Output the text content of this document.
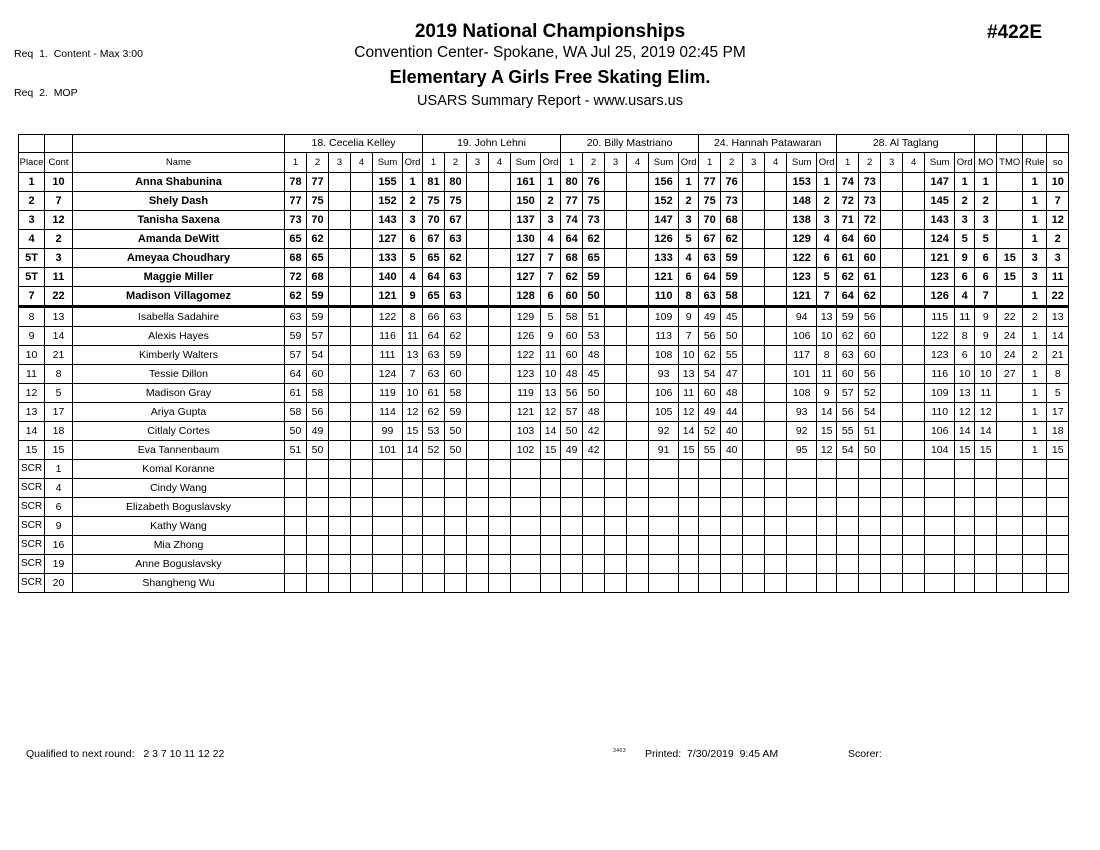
Req  1.  Content - Max 3:00

Req  2.  MOP

#422E
2019 National Championships
Convention Center- Spokane, WA Jul 25, 2019 02:45 PM
Elementary A Girls Free Skating Elim.
USARS Summary Report - www.usars.us
			18. Cecelia Kelley						19. John Lehni						20. Billy Mastriano						24. Hannah Patawaran						28. Al Taglang									
Place	Cont	Name	1	2	3	4	Sum	Ord	1	2	3	4	Sum	Ord	1	2	3	4	Sum	Ord	1	2	3	4	Sum	Ord	1	2	3	4	Sum	Ord	MO	TMO	Rule	so
1	10	Anna Shabunina	78	77			155	1	81	80			161	1	80	76			156	1	77	76			153	1	74	73			147	1	1		1	10
2	7	Shely Dash	77	75			152	2	75	75			150	2	77	75			152	2	75	73			148	2	72	73			145	2	2		1	7
3	12	Tanisha Saxena	73	70			143	3	70	67			137	3	74	73			147	3	70	68			138	3	71	72			143	3	3		1	12
4	2	Amanda DeWitt	65	62			127	6	67	63			130	4	64	62			126	5	67	62			129	4	64	60			124	5	5		1	2
5T	3	Ameyaa Choudhary	68	65			133	5	65	62			127	7	68	65			133	4	63	59			122	6	61	60			121	9	6	15	3	3
5T	11	Maggie Miller	72	68			140	4	64	63			127	7	62	59			121	6	64	59			123	5	62	61			123	6	6	15	3	11
7	22	Madison Villagomez	62	59			121	9	65	63			128	6	60	50			110	8	63	58			121	7	64	62			126	4	7		1	22
8	13	Isabella Sadahire	63	59			122	8	66	63			129	5	58	51			109	9	49	45			94	13	59	56			115	11	9	22	2	13
9	14	Alexis Hayes	59	57			116	11	64	62			126	9	60	53			113	7	56	50			106	10	62	60			122	8	9	24	1	14
10	21	Kimberly Walters	57	54			111	13	63	59			122	11	60	48			108	10	62	55			117	8	63	60			123	6	10	24	2	21
11	8	Tessie Dillon	64	60			124	7	63	60			123	10	48	45			93	13	54	47			101	11	60	56			116	10	10	27	1	8
12	5	Madison Gray	61	58			119	10	61	58			119	13	56	50			106	11	60	48			108	9	57	52			109	13	11		1	5
13	17	Ariya Gupta	58	56			114	12	62	59			121	12	57	48			105	12	49	44			93	14	56	54			110	12	12		1	17
14	18	Citlaly Cortes	50	49			99	15	53	50			103	14	50	42			92	14	52	40			92	15	55	51			106	14	14		1	18
15	15	Eva Tannenbaum	51	50			101	14	52	50			102	15	49	42			91	15	55	40			95	12	54	50			104	15	15		1	15
SCR	1	Komal Koranne																																		
SCR	4	Cindy Wang																																		
SCR	6	Elizabeth Boguslavsky																																		
SCR	9	Kathy Wang																																		
SCR	16	Mia Zhong																																		
SCR	19	Anne Boguslavsky																																		
SCR	20	Shangheng Wu																																		
Qualified to next round:   2 3 7 10 11 12 22	3403 Printed:  7/30/2019  9:45 AM	Scorer:
